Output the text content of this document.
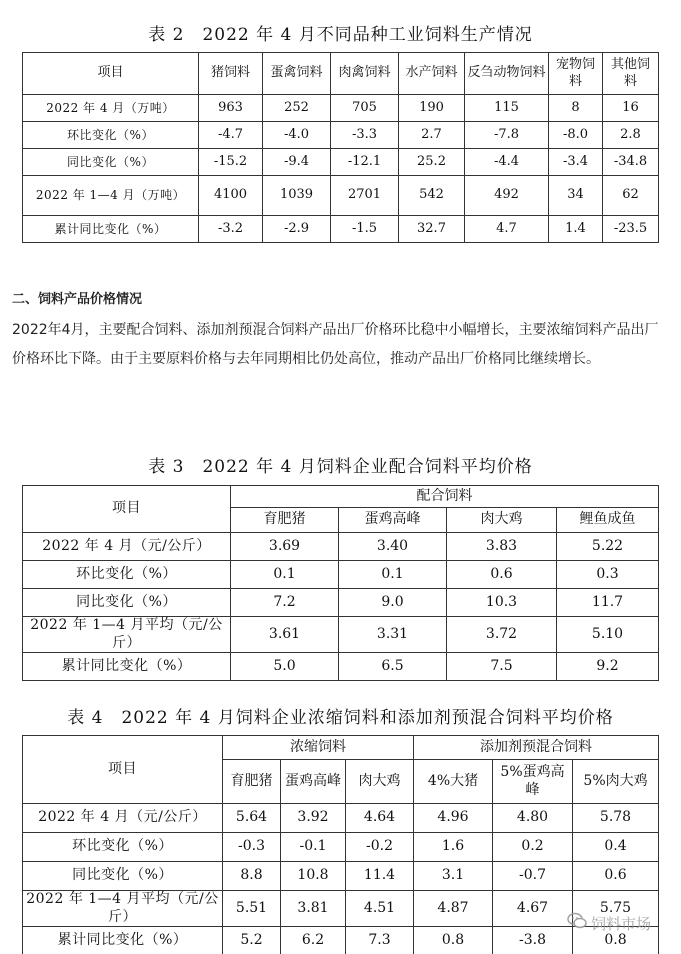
表 2　2022 年 4 月不同品种工业饲料生产情况
项目	猪饲料	蛋禽饲料	肉禽饲料	水产饲料	反刍动物饲料	宠物饲料	其他饲料
2022 年 4 月（万吨）	963	252	705	190	115	8	16
环比变化（%）	-4.7	-4.0	-3.3	2.7	-7.8	-8.0	2.8
同比变化（%）	-15.2	-9.4	-12.1	25.2	-4.4	-3.4	-34.8
2022 年 1—4 月（万吨）	4100	1039	2701	542	492	34	62
累计同比变化（%）	-3.2	-2.9	-1.5	32.7	4.7	1.4	-23.5
二、饲料产品价格情况
2022年4月，主要配合饲料、添加剂预混合饲料产品出厂价格环比稳中小幅增长，主要浓缩饲料产品出厂价格环比下降。由于主要原料价格与去年同期相比仍处高位，推动产品出厂价格同比继续增长。
表 3　2022 年 4 月饲料企业配合饲料平均价格
项目	配合饲料			
	育肥猪	蛋鸡高峰	肉大鸡	鲤鱼成鱼
2022 年 4 月（元/公斤）	3.69	3.40	3.83	5.22
环比变化（%）	0.1	0.1	0.6	0.3
同比变化（%）	7.2	9.0	10.3	11.7
2022 年 1—4 月平均（元/公斤）	3.61	3.31	3.72	5.10
累计同比变化（%）	5.0	6.5	7.5	9.2
表 4　2022 年 4 月饲料企业浓缩饲料和添加剂预混合饲料平均价格
项目	浓缩饲料			添加剂预混合饲料		
	育肥猪	蛋鸡高峰	肉大鸡	4%大猪	5%蛋鸡高峰	5%肉大鸡
2022 年 4 月（元/公斤）	5.64	3.92	4.64	4.96	4.80	5.78
环比变化（%）	-0.3	-0.1	-0.2	1.6	0.2	0.4
同比变化（%）	8.8	10.8	11.4	3.1	-0.7	0.6
2022 年 1—4 月平均（元/公斤）	5.51	3.81	4.51	4.87	4.67	5.75
累计同比变化（%）	5.2	6.2	7.3	0.8	-3.8	0.8
饲料市场
